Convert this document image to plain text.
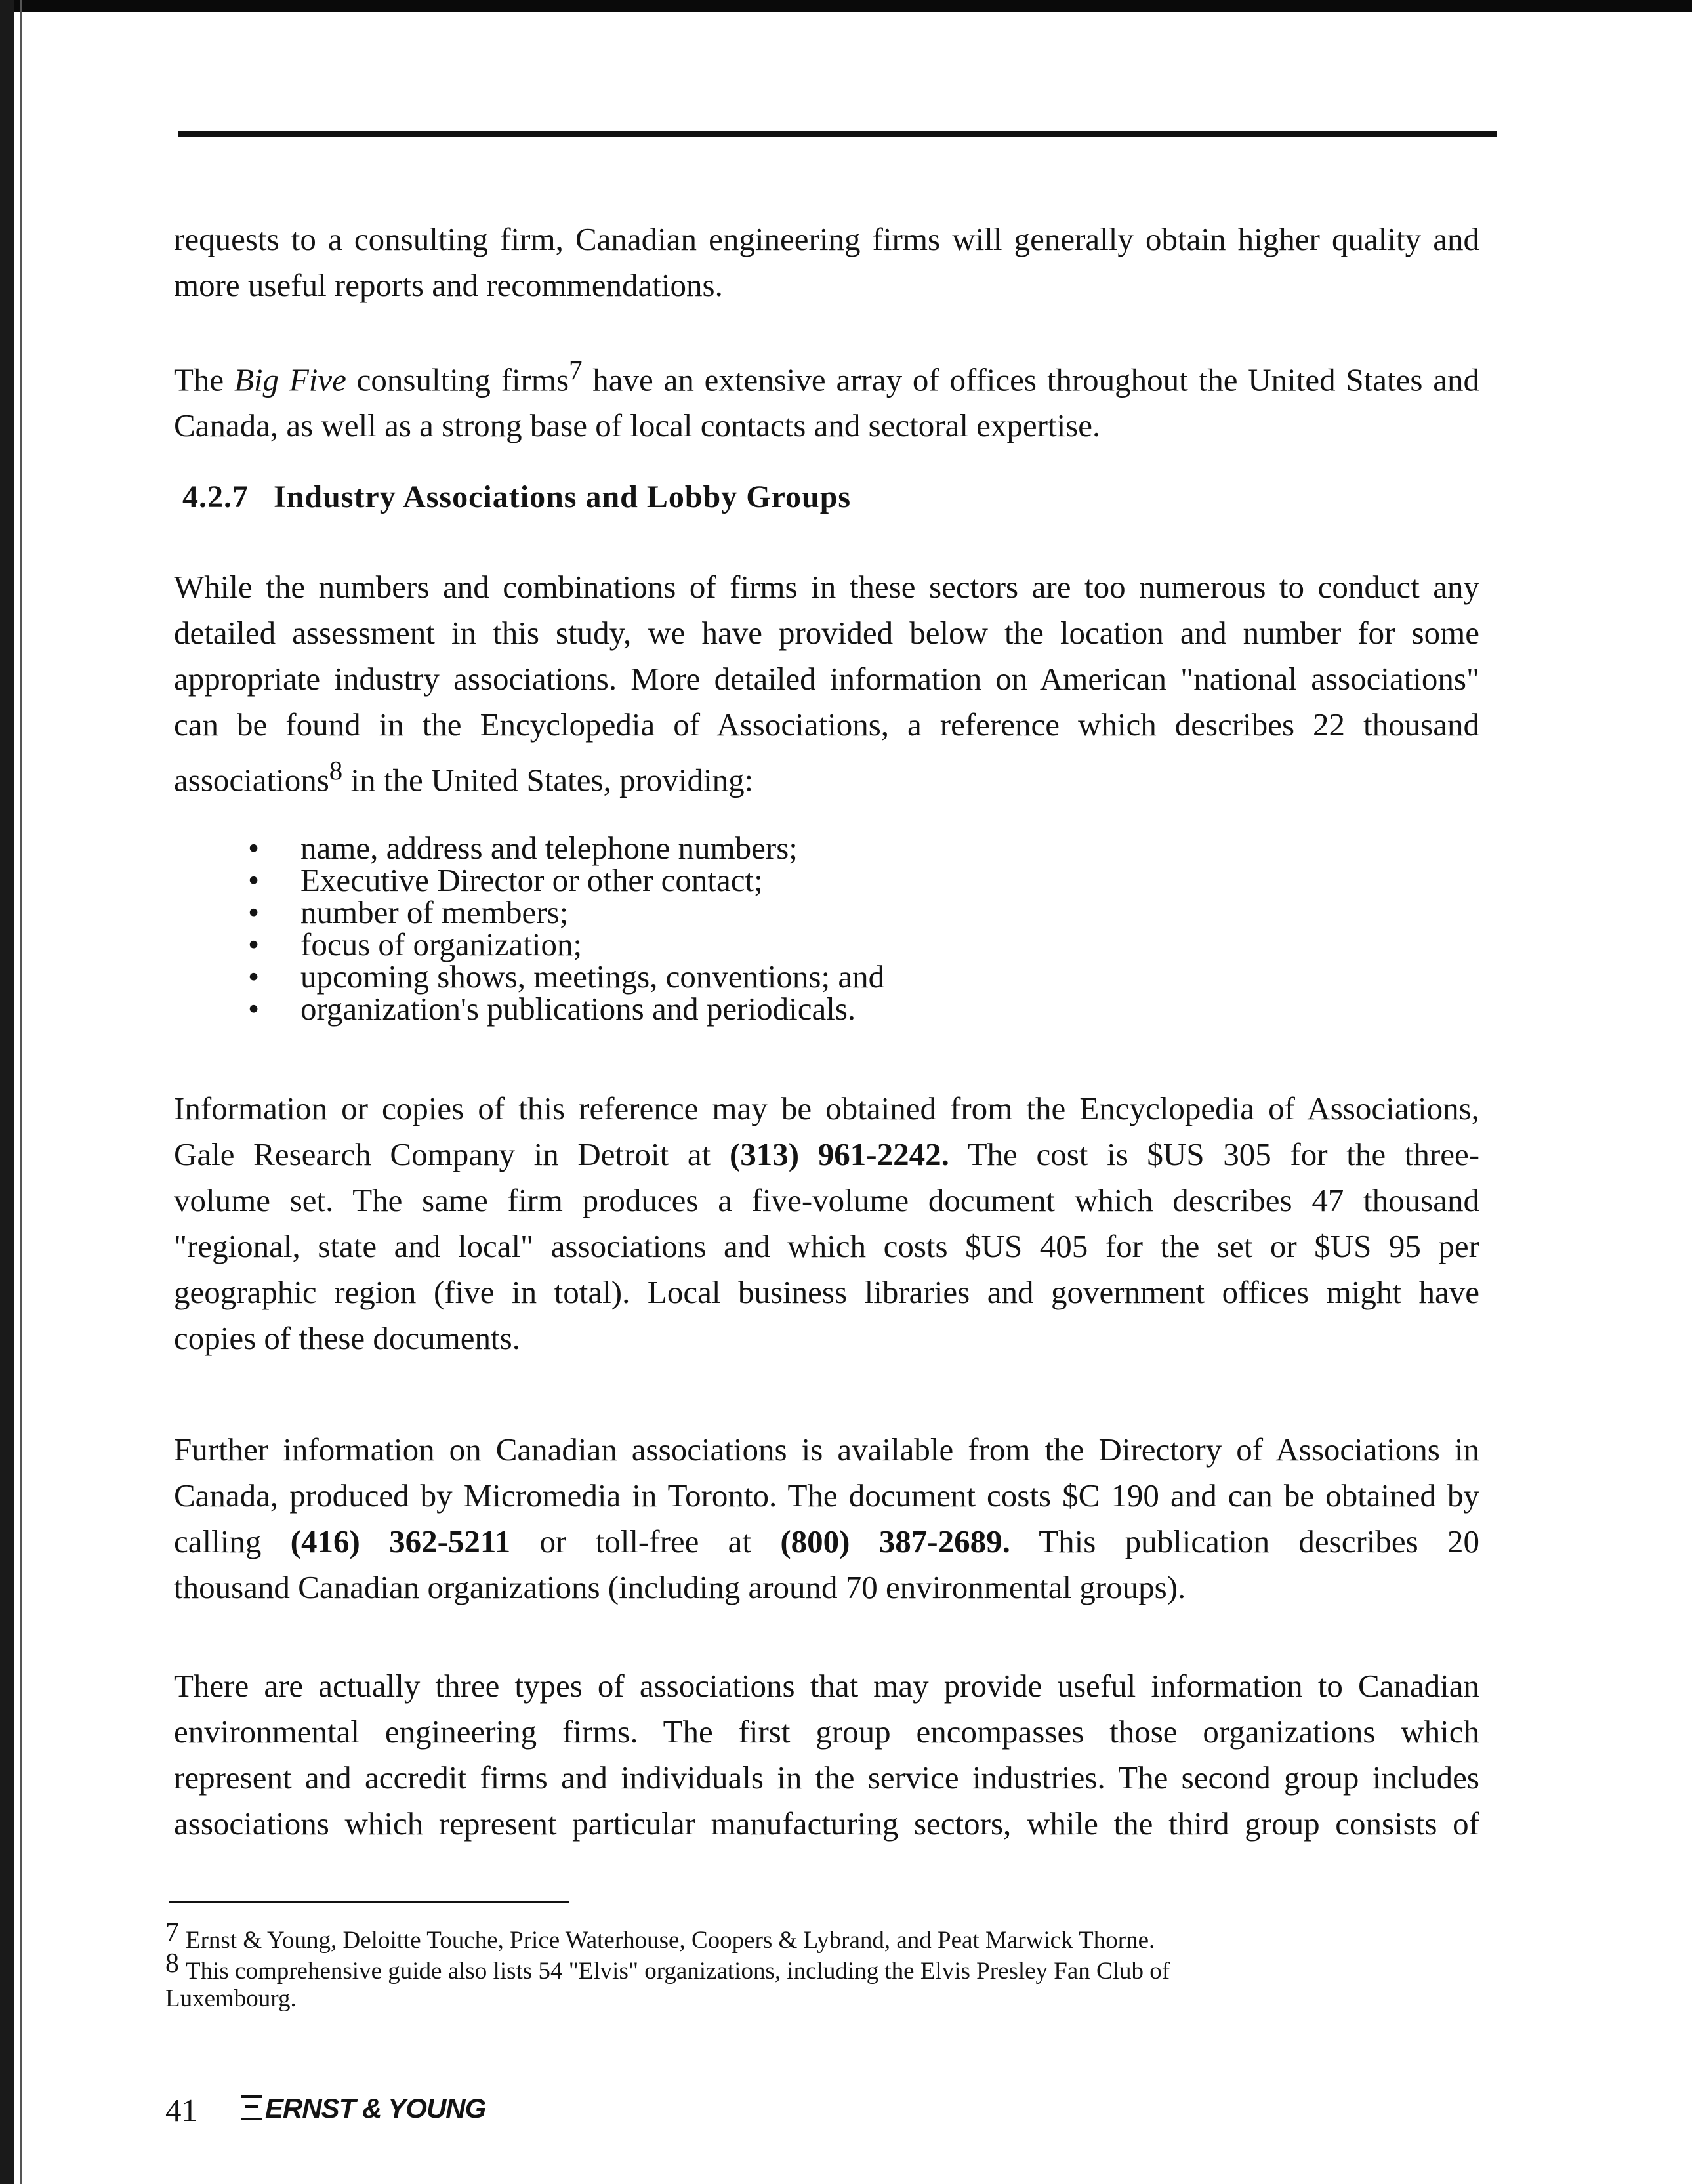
requests to a consulting firm, Canadian engineering firms will generally obtain higher quality and
more useful reports and recommendations.
The Big Five consulting firms$^7$ have an extensive array of offices throughout the United States and
Canada, as well as a strong base of local contacts and sectoral expertise.
4.2.7 Industry Associations and Lobby Groups
While the numbers and combinations of firms in these sectors are too numerous to conduct any
detailed assessment in this study, we have provided below the location and number for some
appropriate industry associations. More detailed information on American "national associations"
can be found in the Encyclopedia of Associations, a reference which describes 22 thousand
associations$^8$ in the United States, providing:
• name, address and telephone numbers;
• Executive Director or other contact;
• number of members;
• focus of organization;
• upcoming shows, meetings, conventions; and
• organization's publications and periodicals.
Information or copies of this reference may be obtained from the Encyclopedia of Associations,
Gale Research Company in Detroit at (313) 961-2242. The cost is $US 305 for the three-
volume set. The same firm produces a five-volume document which describes 47 thousand
"regional, state and local" associations and which costs $US 405 for the set or $US 95 per
geographic region (five in total). Local business libraries and government offices might have
copies of these documents.
Further information on Canadian associations is available from the Directory of Associations in
Canada, produced by Micromedia in Toronto. The document costs $C 190 and can be obtained by
calling (416) 362-5211 or toll-free at (800) 387-2689. This publication describes 20
thousand Canadian organizations (including around 70 environmental groups).
There are actually three types of associations that may provide useful information to Canadian
environmental engineering firms. The first group encompasses those organizations which
represent and accredit firms and individuals in the service industries. The second group includes
associations which represent particular manufacturing sectors, while the third group consists of

$^7$ Ernst & Young, Deloitte Touche, Price Waterhouse, Coopers & Lybrand, and Peat Marwick Thorne.

$^8$ This comprehensive guide also lists 54 "Elvis" organizations, including the Elvis Presley Fan Club of
Luxembourg.

41	ERNST & YOUNG
